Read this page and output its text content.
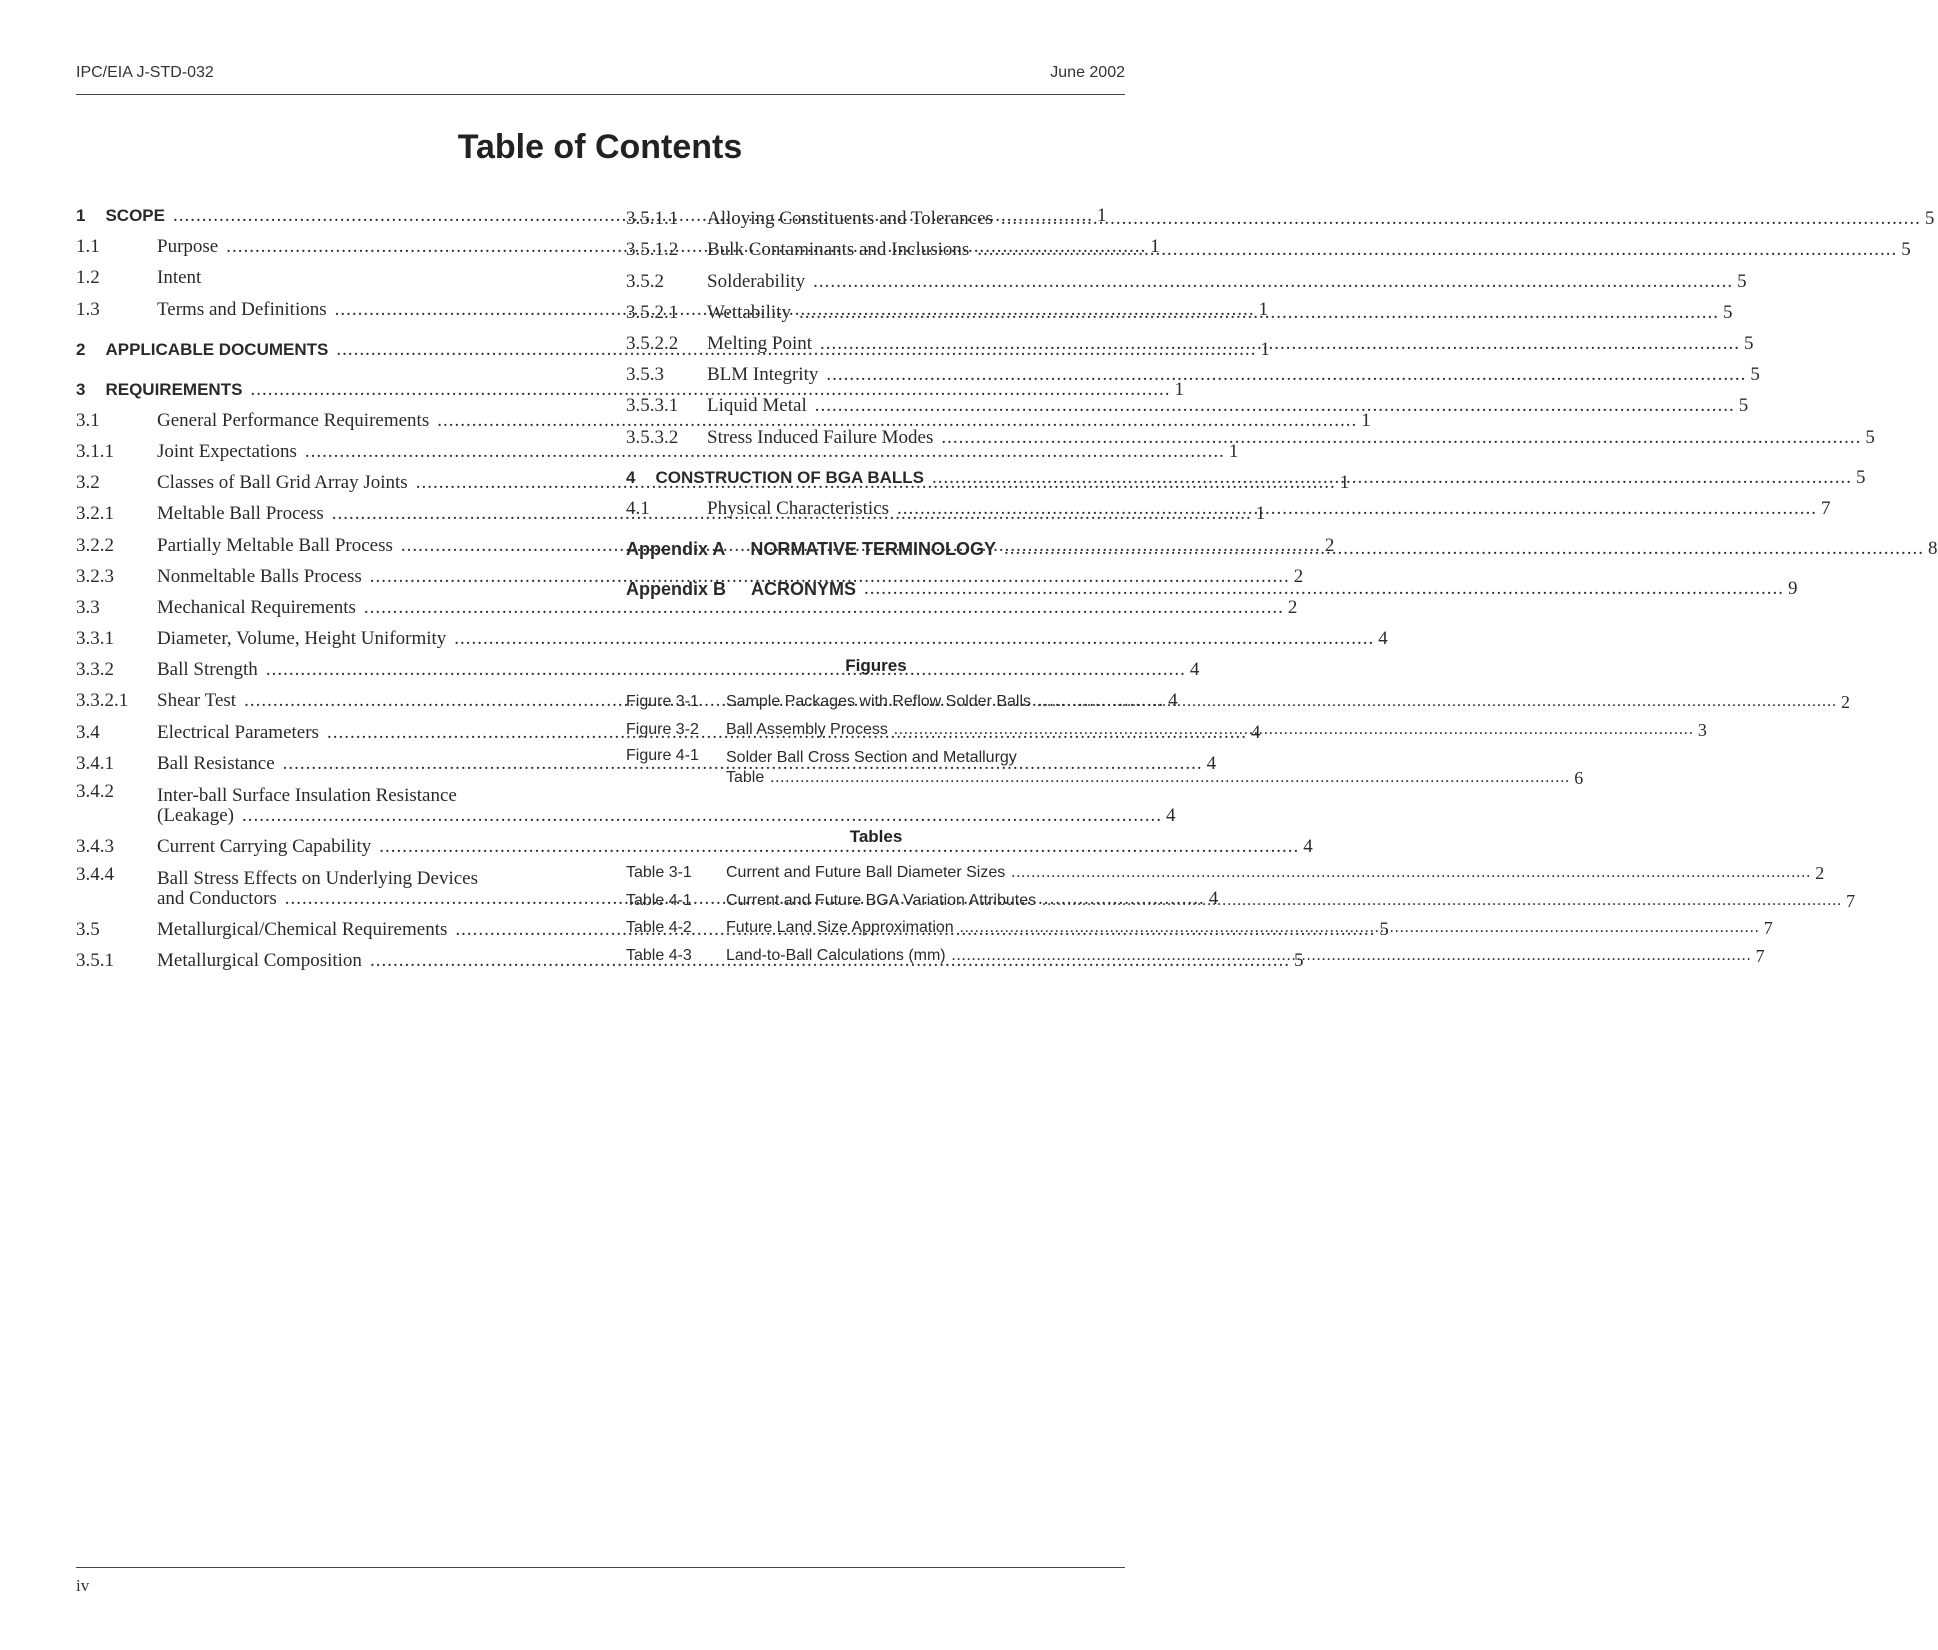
IPC/EIA J-STD-032	June 2002
Table of Contents
1 SCOPE .....	1
1.1	Purpose .....	1
1.2	Intent
1.3	Terms and Definitions .....	1
2 APPLICABLE DOCUMENTS .....	1
3 REQUIREMENTS .....	1
3.1	General Performance Requirements .....	1
3.1.1	Joint Expectations .....	1
3.2	Classes of Ball Grid Array Joints .....	1
3.2.1	Meltable Ball Process .....	1
3.2.2	Partially Meltable Ball Process .....	2
3.2.3	Nonmeltable Balls Process .....	2
3.3	Mechanical Requirements .....	2
3.3.1	Diameter, Volume, Height Uniformity .....	4
3.3.2	Ball Strength .....	4
3.3.2.1	Shear Test .....	4
3.4	Electrical Parameters .....	4
3.4.1	Ball Resistance .....	4
3.4.2	Inter-ball Surface Insulation Resistance
(Leakage) .....	4
3.4.3	Current Carrying Capability .....	4
3.4.4	Ball Stress Effects on Underlying Devices
and Conductors .....	4
3.5	Metallurgical/Chemical Requirements .....	5
3.5.1	Metallurgical Composition .....	5
3.5.1.1	Alloying Constituents and Tolerances .....	5
3.5.1.2	Bulk Contaminants and Inclusions .....	5
3.5.2	Solderability .....	5
3.5.2.1	Wettability .....	5
3.5.2.2	Melting Point .....	5
3.5.3	BLM Integrity .....	5
3.5.3.1	Liquid Metal .....	5
3.5.3.2	Stress Induced Failure Modes .....	5
4 CONSTRUCTION OF BGA BALLS .....	5
4.1	Physical Characteristics .....	7
Appendix A NORMATIVE TERMINOLOGY .....	8
Appendix B ACRONYMS .....	9
Figures
Figure 3-1	Sample Packages with Reflow Solder Balls .....	2
Figure 3-2	Ball Assembly Process .....	3
Figure 4-1	Solder Ball Cross Section and Metallurgy
Table .....	6
Tables
Table 3-1	Current and Future Ball Diameter Sizes .....	2
Table 4-1	Current and Future BGA Variation Attributes .....	7
Table 4-2	Future Land Size Approximation .....	7
Table 4-3	Land-to-Ball Calculations (mm) .....	7
iv
